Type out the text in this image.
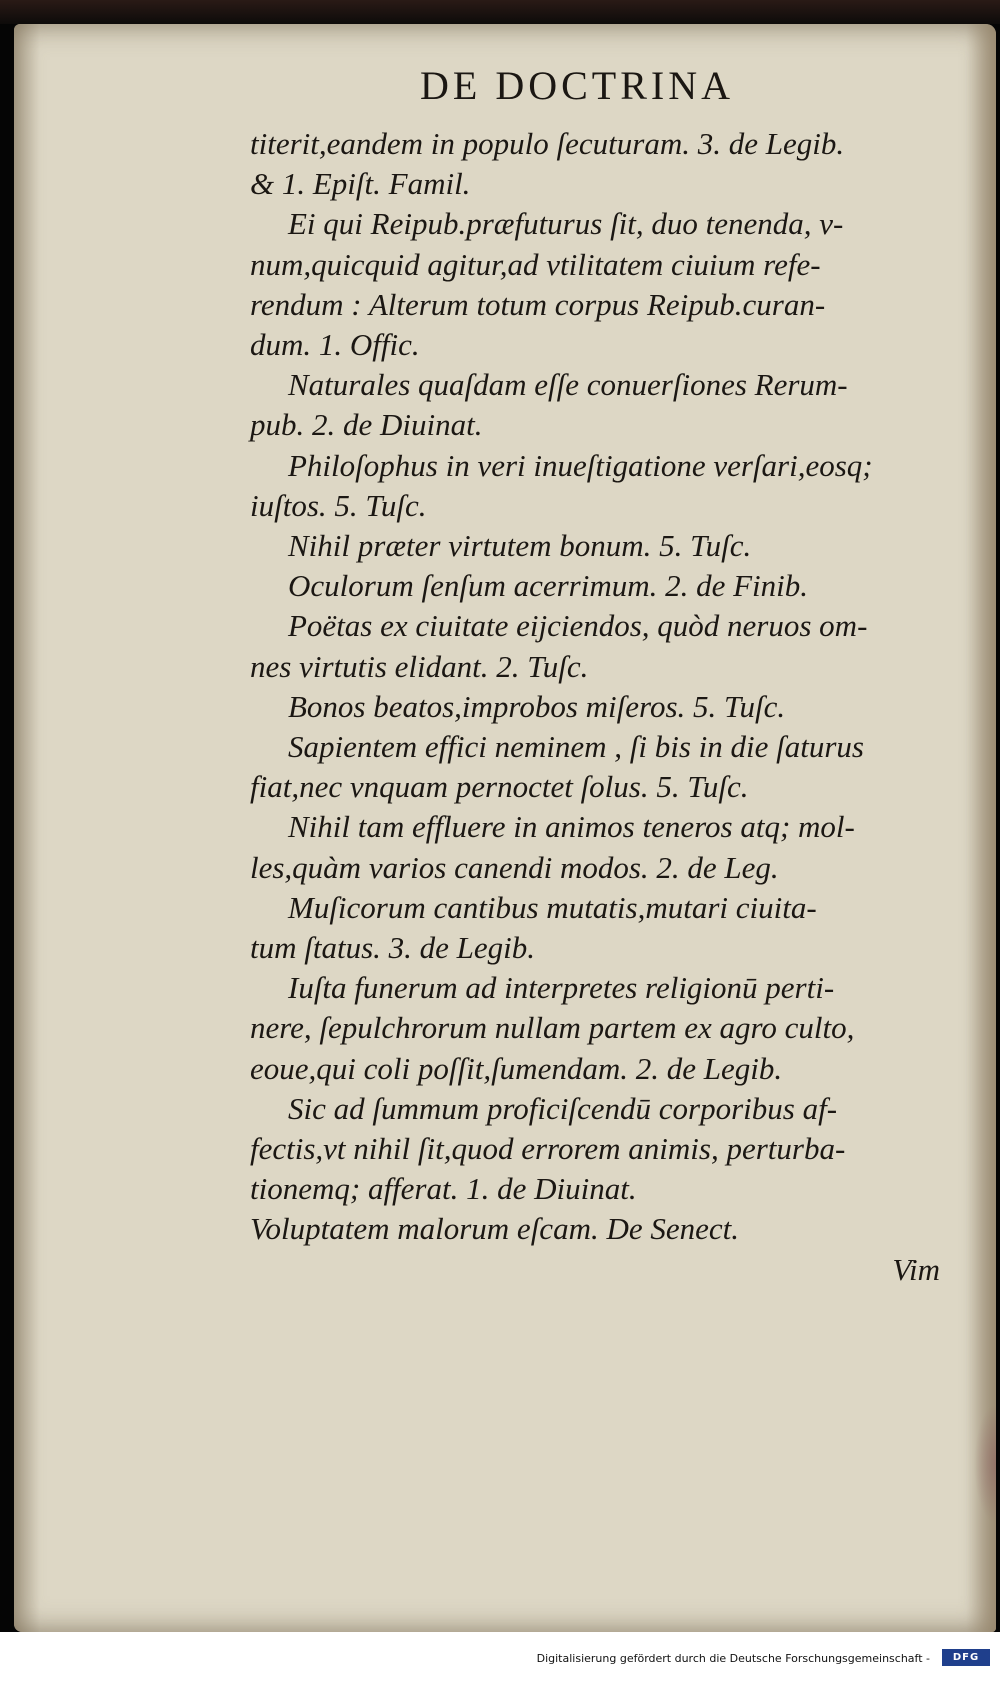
DE DOCTRINA
titerit,eandem in populo ſecuturam. 3. de Legib.
& 1. Epiſt. Famil.
Ei qui Reipub.præfuturus ſit, duo tenenda, v-
num,quicquid agitur,ad vtilitatem ciuium refe-
rendum : Alterum totum corpus Reipub.curan-
dum. 1. Offic.
Naturales quaſdam eſſe conuerſiones Rerum-
pub. 2. de Diuinat.
Philoſophus in veri inueſtigatione verſari,eosq;
iuſtos. 5. Tuſc.
Nihil præter virtutem bonum. 5. Tuſc.
Oculorum ſenſum acerrimum. 2. de Finib.
Poëtas ex ciuitate eijciendos, quòd neruos om-
nes virtutis elidant. 2. Tuſc.
Bonos beatos,improbos miſeros. 5. Tuſc.
Sapientem effici neminem , ſi bis in die ſaturus
fiat,nec vnquam pernoctet ſolus. 5. Tuſc.
Nihil tam effluere in animos teneros atq; mol-
les,quàm varios canendi modos. 2. de Leg.
Muſicorum cantibus mutatis,mutari ciuita-
tum ſtatus. 3. de Legib.
Iuſta funerum ad interpretes religionū perti-
nere, ſepulchrorum nullam partem ex agro culto,
eoue,qui coli poſſit,ſumendam. 2. de Legib.
Sic ad ſummum proficiſcendū corporibus af-
fectis,vt nihil ſit,quod errorem animis, perturba-
tionemq; afferat. 1. de Diuinat.
Voluptatem malorum eſcam. De Senect.
Vim
Digitalisierung gefördert durch die Deutsche Forschungsgemeinschaft -	DFG
